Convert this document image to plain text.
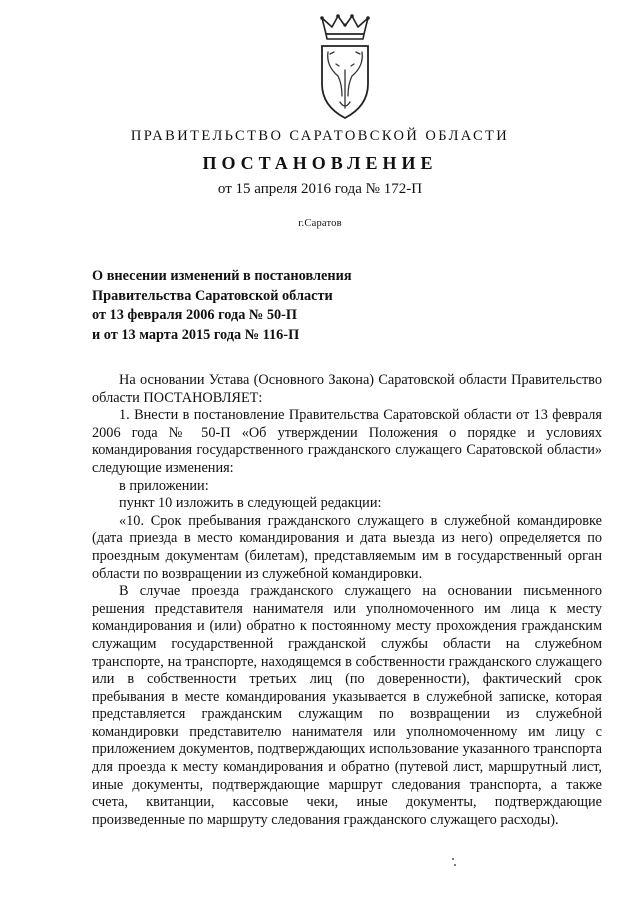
ПРАВИТЕЛЬСТВО САРАТОВСКОЙ ОБЛАСТИ
ПОСТАНОВЛЕНИЕ
от 15 апреля 2016 года № 172-П
г.Саратов
О внесении изменений в постановления
Правительства Саратовской области
от 13 февраля 2006 года № 50-П
и от 13 марта 2015 года № 116-П

На основании Устава (Основного Закона) Саратовской области Правительство области ПОСТАНОВЛЯЕТ:

1. Внести в постановление Правительства Саратовской области от 13 февраля 2006 года № 50-П «Об утверждении Положения о порядке и условиях командирования государственного гражданского служащего Саратовской области» следующие изменения:

в приложении:

пункт 10 изложить в следующей редакции:

«10. Срок пребывания гражданского служащего в служебной командировке (дата приезда в место командирования и дата выезда из него) определяется по проездным документам (билетам), представляемым им в государственный орган области по возвращении из служебной командировки.

В случае проезда гражданского служащего на основании письменного решения представителя нанимателя или уполномоченного им лица к месту командирования и (или) обратно к постоянному месту прохождения гражданским служащим государственной гражданской службы области на служебном транспорте, на транспорте, находящемся в собственности гражданского служащего или в собственности третьих лиц (по доверенности), фактический срок пребывания в месте командирования указывается в служебной записке, которая представляется гражданским служащим по возвращении из служебной командировки представителю нанимателя или уполномоченному им лицу с приложением документов, подтверждающих использование указанного транспорта для проезда к месту командирования и обратно (путевой лист, маршрутный лист, иные документы, подтверждающие маршрут следования транспорта, а также счета, квитанции, кассовые чеки, иные документы, подтверждающие произведенные по маршруту следования гражданского служащего расходы).
